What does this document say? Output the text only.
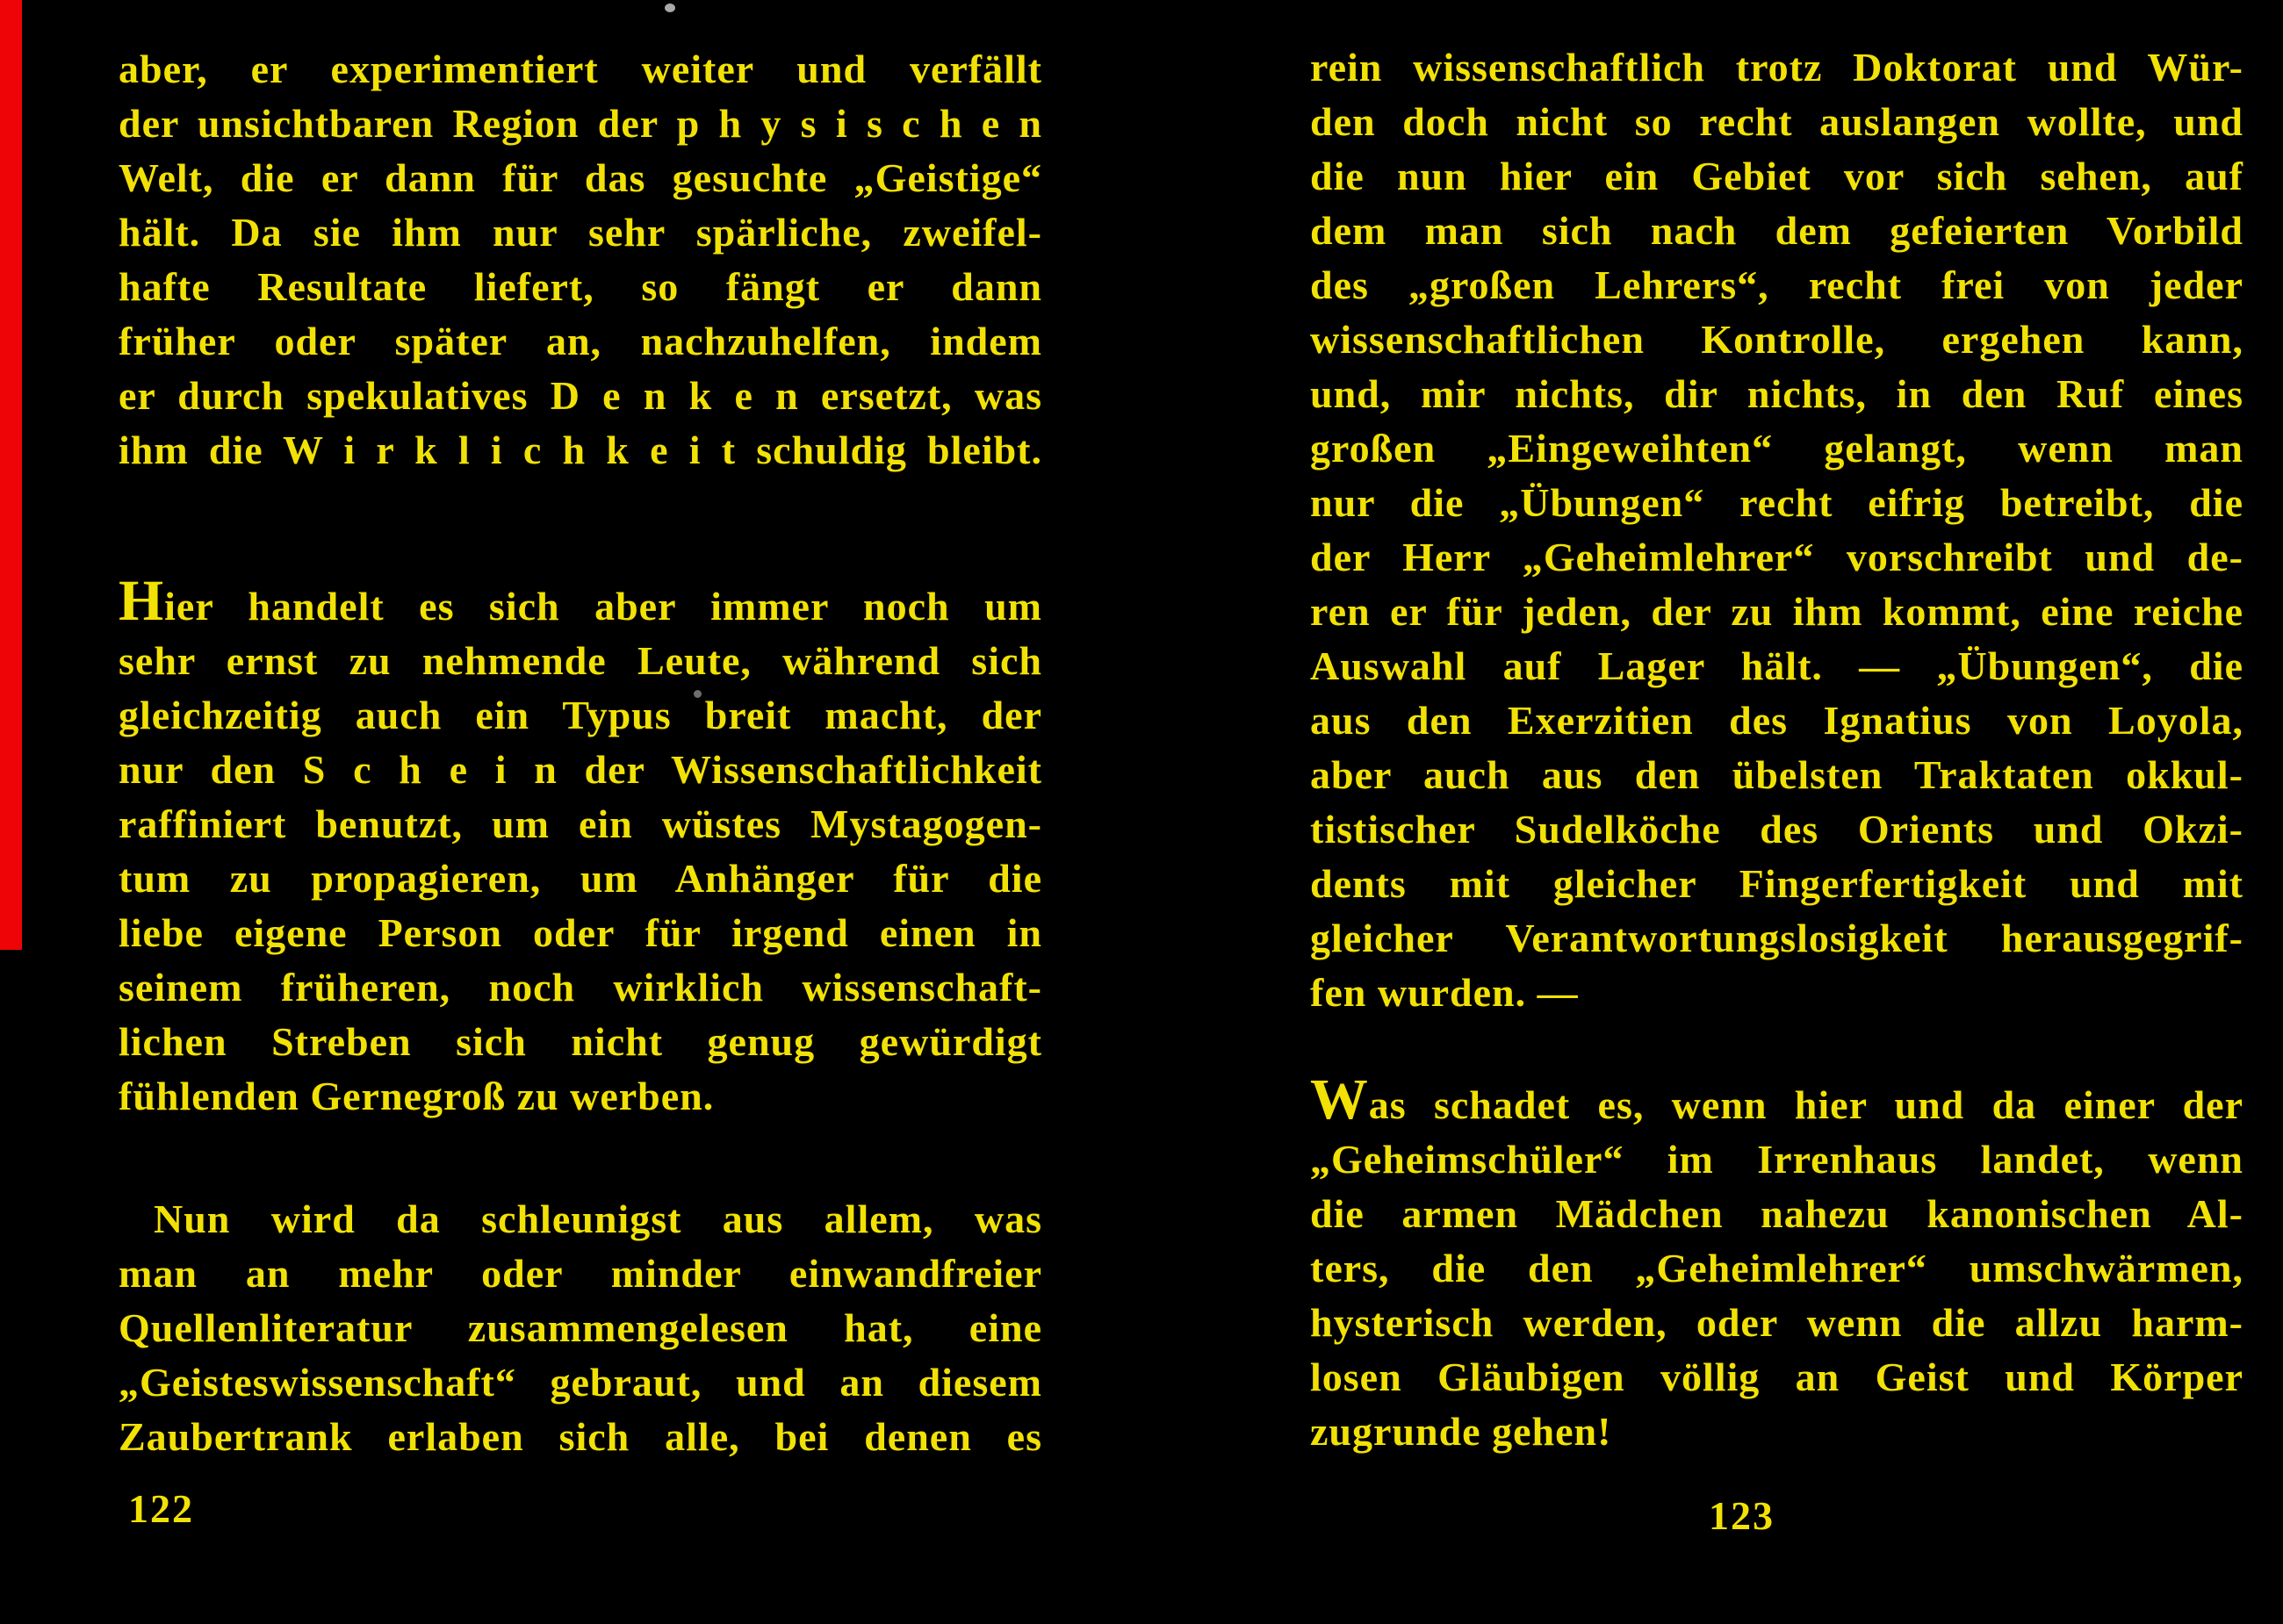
aber, er experimentiert weiter und verfällt
der unsichtbaren Region der p h y s i s c h e n
Welt, die er dann für das gesuchte „Geistige“
hält. Da sie ihm nur sehr spärliche, zweifel-
hafte Resultate liefert, so fängt er dann
früher oder später an, nachzuhelfen, indem
er durch spekulatives D e n k e n ersetzt, was
ihm die W i r k l i c h k e i t schuldig bleibt.
Hier handelt es sich aber immer noch um
sehr ernst zu nehmende Leute, während sich
gleichzeitig auch ein Typus breit macht, der
nur den S c h e i n der Wissenschaftlichkeit
raffiniert benutzt, um ein wüstes Mystagogen-
tum zu propagieren, um Anhänger für die
liebe eigene Person oder für irgend einen in
seinem früheren, noch wirklich wissenschaft-
lichen Streben sich nicht genug gewürdigt
fühlenden Gernegroß zu werben.
Nun wird da schleunigst aus allem, was
man an mehr oder minder einwandfreier
Quellenliteratur zusammengelesen hat, eine
„Geisteswissenschaft“ gebraut, und an diesem
Zaubertrank erlaben sich alle, bei denen es
rein wissenschaftlich trotz Doktorat und Wür-
den doch nicht so recht auslangen wollte, und
die nun hier ein Gebiet vor sich sehen, auf
dem man sich nach dem gefeierten Vorbild
des „großen Lehrers“, recht frei von jeder
wissenschaftlichen Kontrolle, ergehen kann,
und, mir nichts, dir nichts, in den Ruf eines
großen „Eingeweihten“ gelangt, wenn man
nur die „Übungen“ recht eifrig betreibt, die
der Herr „Geheimlehrer“ vorschreibt und de-
ren er für jeden, der zu ihm kommt, eine reiche
Auswahl auf Lager hält. — „Übungen“, die
aus den Exerzitien des Ignatius von Loyola,
aber auch aus den übelsten Traktaten okkul-
tistischer Sudelköche des Orients und Okzi-
dents mit gleicher Fingerfertigkeit und mit
gleicher Verantwortungslosigkeit herausgegrif-
fen wurden. —
Was schadet es, wenn hier und da einer der
„Geheimschüler“ im Irrenhaus landet, wenn
die armen Mädchen nahezu kanonischen Al-
ters, die den „Geheimlehrer“ umschwärmen,
hysterisch werden, oder wenn die allzu harm-
losen Gläubigen völlig an Geist und Körper
zugrunde gehen!
122	123
